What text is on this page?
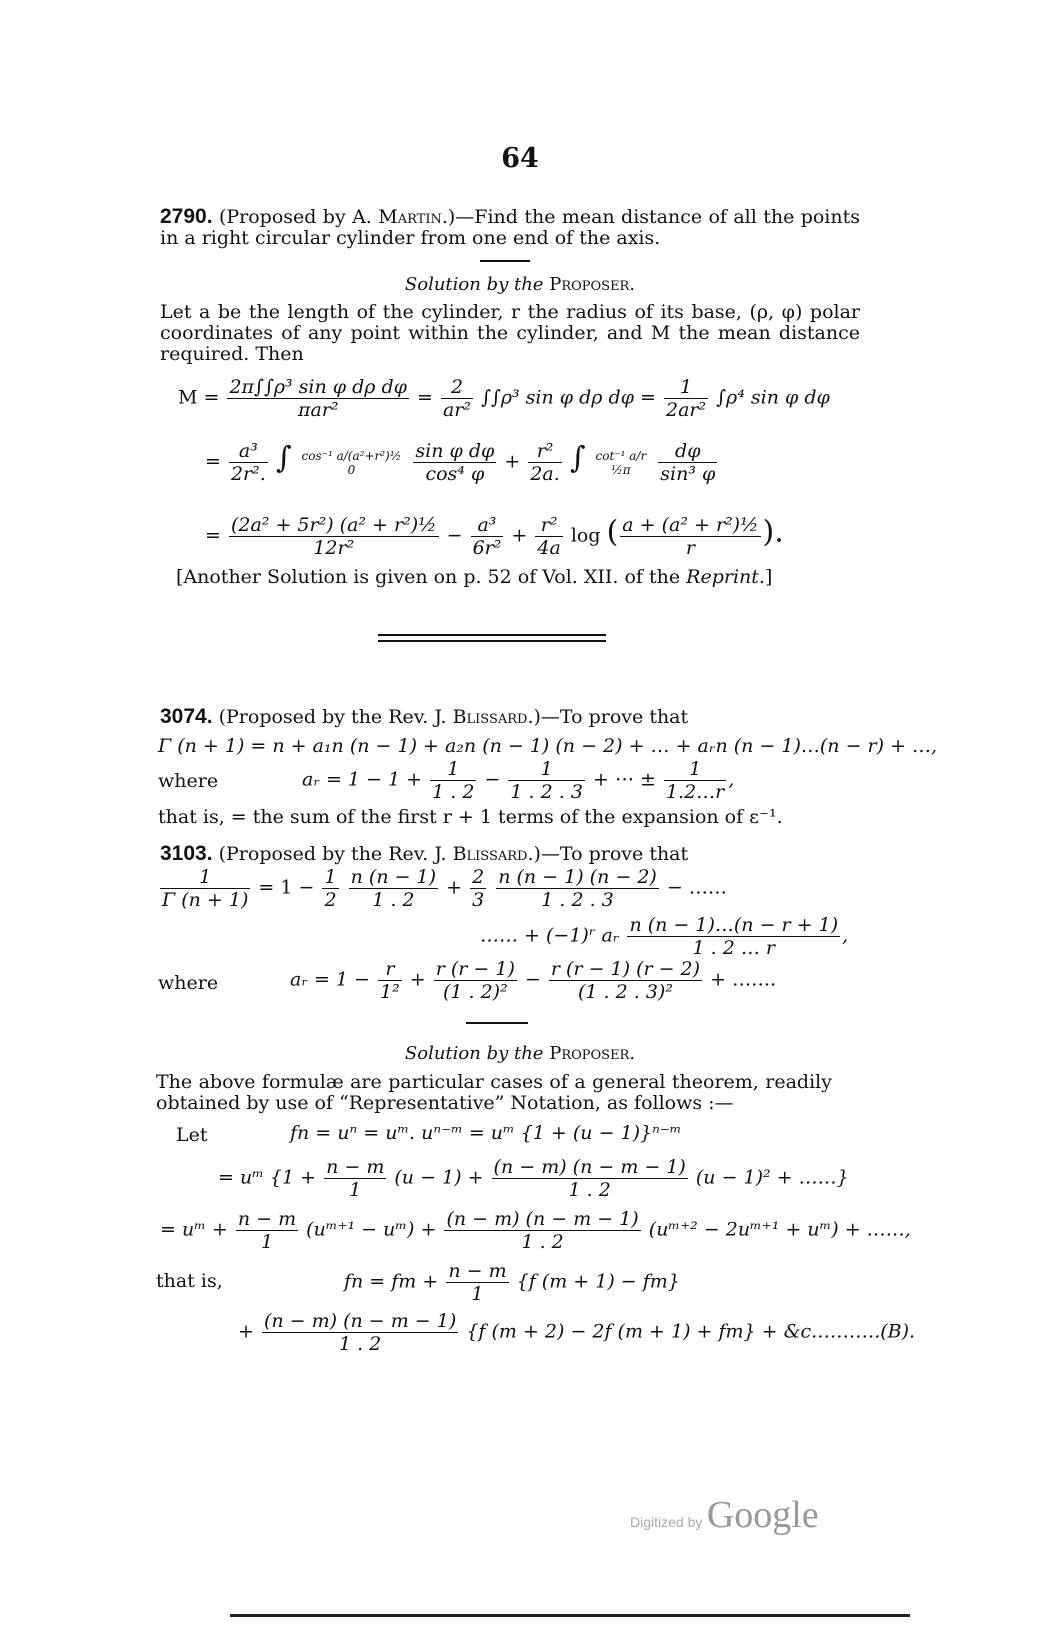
64
2790. (Proposed by A. Martin.)—Find the mean distance of all the points in a right circular cylinder from one end of the axis.
Solution by the Proposer.
Let a be the length of the cylinder, r the radius of its base, (ρ, φ) polar coordinates of any point within the cylinder, and M the mean distance required. Then
$M = \frac{\text{2π∫∫ρ³ sin φ dρ dφ}}{\text{πar²}} = \frac{2}{\text{ar²}} \int\int\rho^3$ sin φ dρ $d\varphi = \frac{1}{\text{2ar²}} \int\rho^4$ sin φ dφ
= $\frac{\text{a³}}{\text{2r².}}$ ∫ cos⁻¹ a/(a²+r²)½
0
	$\frac{\text{sin φ dφ}}{\text{cos⁴ φ}} + \frac{\text{r²}}{2a.}$ ∫ cot⁻¹ a/r
½π
	$\frac{d\varphi}{\text{sin³ φ}}$
= $\frac{\text{(2a² + 5r²) (a² + r²)½}}{\text{12r²}} - \frac{\text{a³}}{\text{6r²}} + \frac{\text{r²}}{4a}$ log ( $\frac{\text{a + (a² + r²)½}}{r}$ ).
[Another Solution is given on p. 52 of Vol. XII. of the Reprint.]
3074. (Proposed by the Rev. J. Blissard.)—To prove that
Γ (n + 1) = n + a₁n (n − 1) + a₂n (n − 1) (n − 2) + … + aᵣn (n − 1)…(n − r) + …,
where	aᵣ = $1 - 1 + \frac{1}{1 . 2} - \frac{1}{1 . 2 . 3}$ + ⋯ ± $\frac{1}{1.2\dots r}$ ,
that is, = the sum of the first r + 1 terms of the expansion of ε⁻¹.
3103. (Proposed by the Rev. J. Blissard.)—To prove that
$\frac{1}{\Gamma (n + 1)} = 1 - \frac{1}{2}$
$\frac{n (n - 1)}{1 . 2} + \frac{2}{3}$
$\frac{n (n - 1) (n - 2)}{1 . 2 . 3}$ − ……
…… + (−1)ʳ aᵣ $\frac{n (n - 1)\dots(n - r + 1)}{1 . 2 \dots r}$ ,
where	aᵣ = $1 - \frac{r}{\text{1²}} + \frac{r (r - 1)}{\text{(1 . 2)²}} - \frac{r (r - 1) (r - 2)}{\text{(1 . 2 . 3)²}}$ + …….
Solution by the Proposer.
The above formulæ are particular cases of a general theorem, readily obtained by use of “Representative” Notation, as follows :—
Let	fn = uⁿ = uᵐ. uⁿ⁻ᵐ = uᵐ {1 + (u − 1)}ⁿ⁻ᵐ
= uᵐ {$1 + \frac{n - m}{1} (u - 1) + \frac{(n - m) (n - m - 1)}{1 . 2} (u - 1)^2$ + ……}
= uᵐ + $\frac{n - m}{1}$ (uᵐ⁺¹ − uᵐ) + $\frac{(n - m) (n - m - 1)}{1 . 2}$ (uᵐ⁺² − 2uᵐ⁺¹ + uᵐ) + ……,
that is,	fn = fm + $\frac{n - m}{1} \{f$ (m + 1) − fm}
+ $\frac{(n - m) (n - m - 1)}{1 . 2} \{f$ (m + 2) − 2f (m + 1) + fm} + &c.……….(B).
Digitized by Google
